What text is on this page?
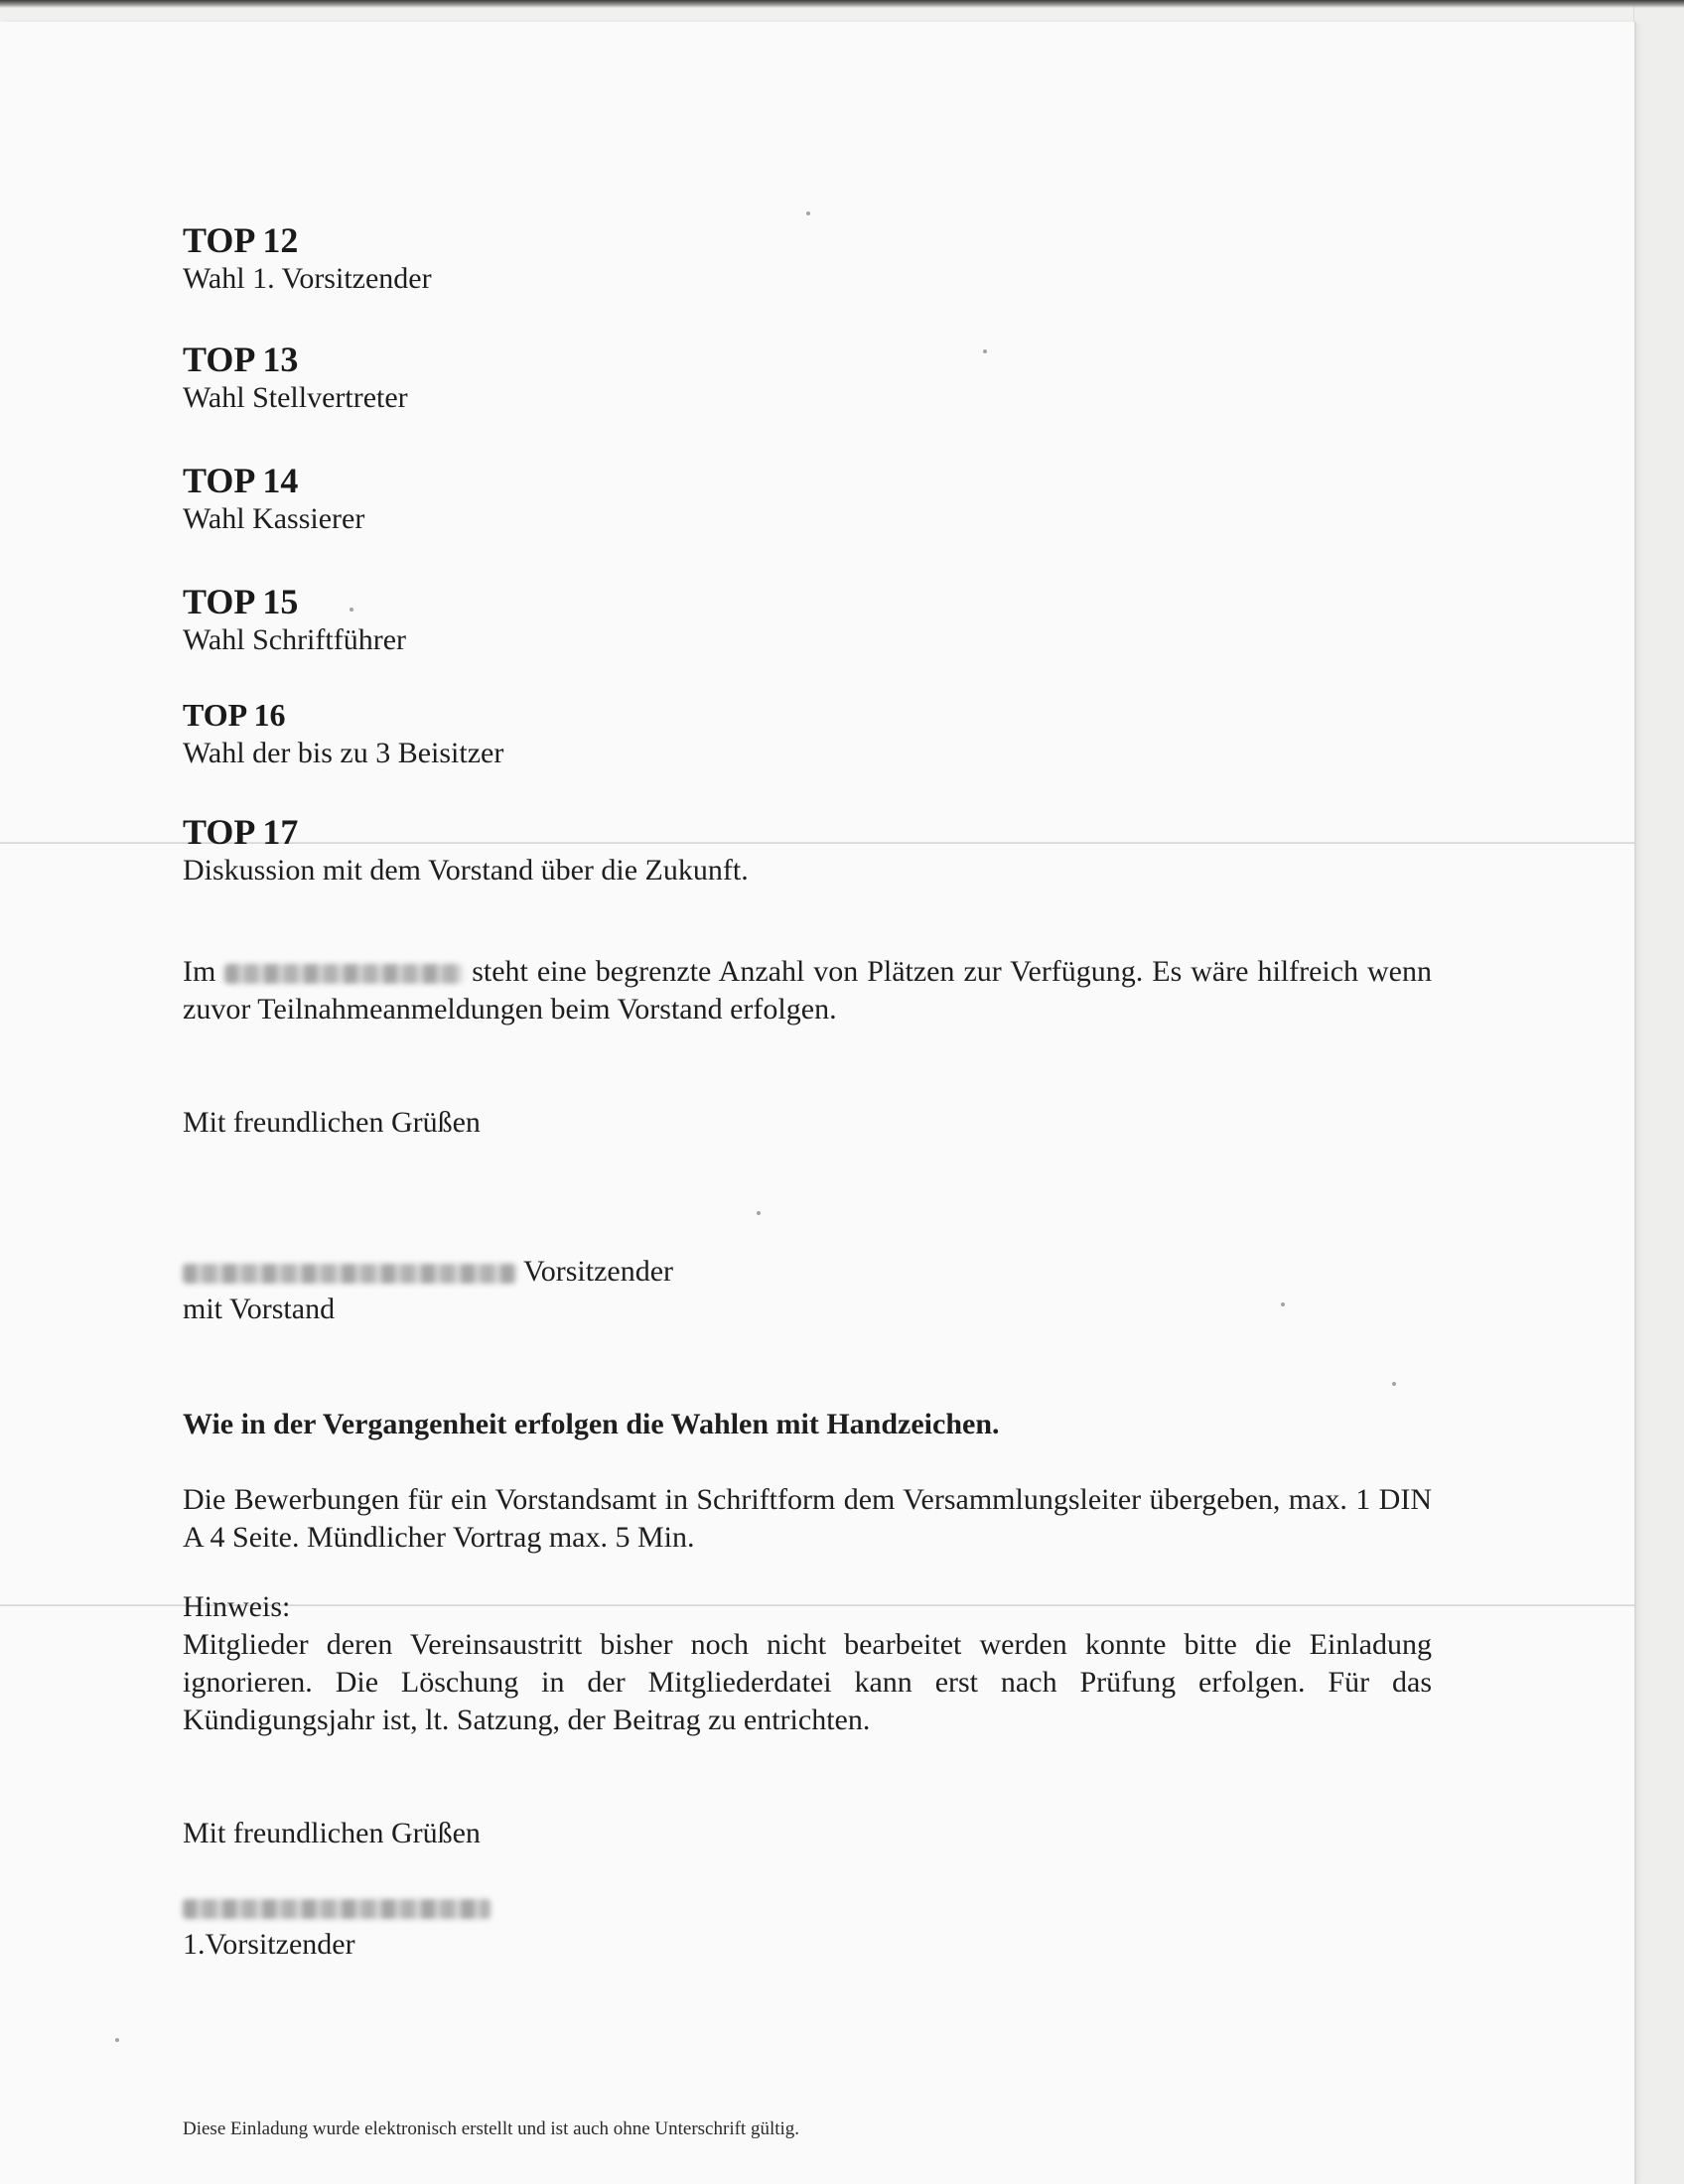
TOP 12
Wahl 1. Vorsitzender
TOP 13
Wahl Stellvertreter
TOP 14
Wahl Kassierer
TOP 15
Wahl Schriftführer
TOP 16
Wahl der bis zu 3 Beisitzer
TOP 17
Diskussion mit dem Vorstand über die Zukunft.
Im	steht eine begrenzte Anzahl von Plätzen zur Verfügung. Es wäre hilfreich wenn zuvor Teilnahmeanmeldungen beim Vorstand erfolgen.
Mit freundlichen Grüßen
Vorsitzender
mit Vorstand
Wie in der Vergangenheit erfolgen die Wahlen mit Handzeichen.
Die Bewerbungen für ein Vorstandsamt in Schriftform dem Versammlungsleiter übergeben, max. 1 DIN A 4 Seite. Mündlicher Vortrag max. 5 Min.
Hinweis:
Mitglieder deren Vereinsaustritt bisher noch nicht bearbeitet werden konnte bitte die Einladung ignorieren. Die Löschung in der Mitgliederdatei kann erst nach Prüfung erfolgen. Für das Kündigungsjahr ist, lt. Satzung, der Beitrag zu entrichten.
Mit freundlichen Grüßen
1.Vorsitzender
Diese Einladung wurde elektronisch erstellt und ist auch ohne Unterschrift gültig.
